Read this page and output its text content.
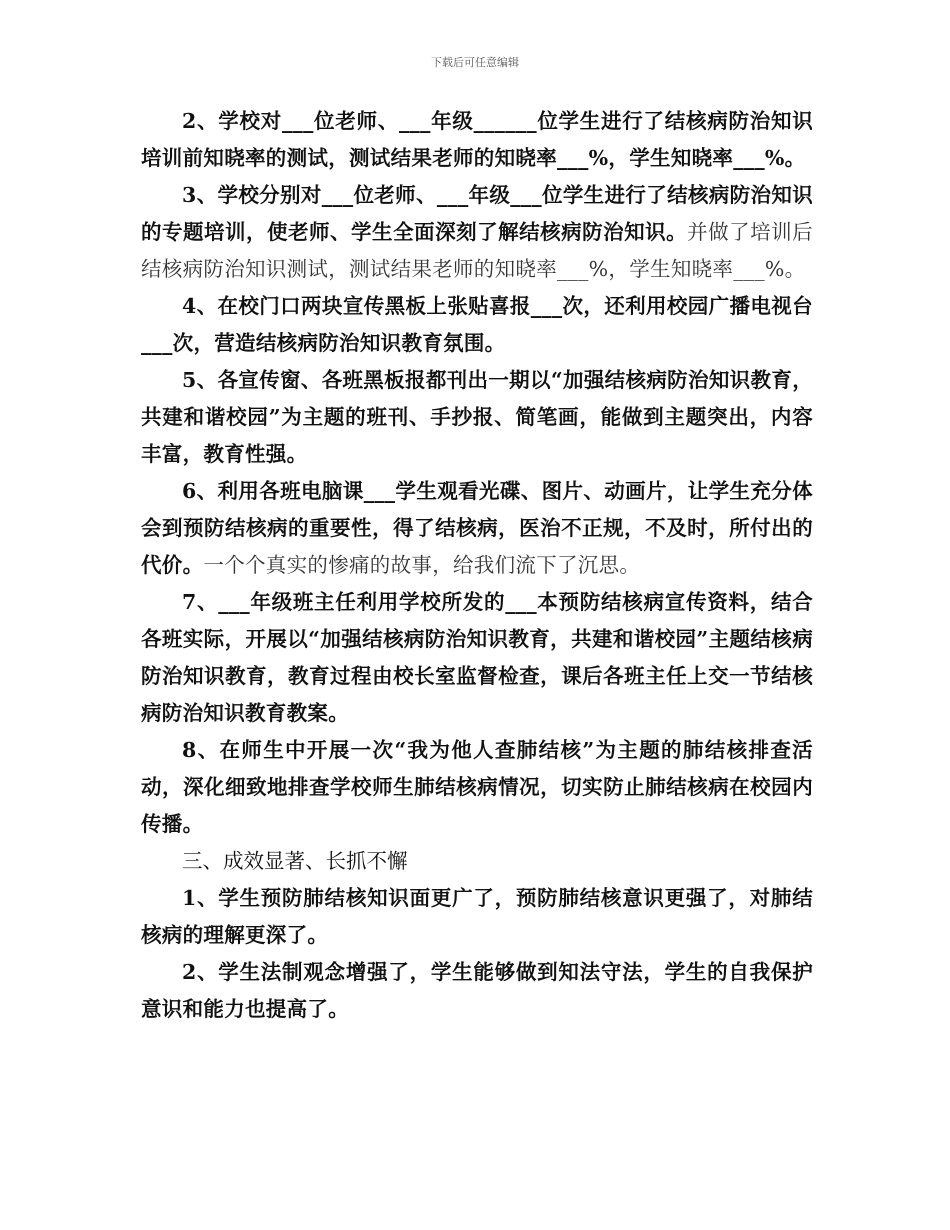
下载后可任意编辑

2、学校对___位老师、___年级______位学生进行了结核病防治知识培训前知晓率的测试，测试结果老师的知晓率___%，学生知晓率___%。

3、学校分别对___位老师、___年级___位学生进行了结核病防治知识的专题培训，使老师、学生全面深刻了解结核病防治知识。并做了培训后结核病防治知识测试，测试结果老师的知晓率___%，学生知晓率___%。

4、在校门口两块宣传黑板上张贴喜报___次，还利用校园广播电视台___次，营造结核病防治知识教育氛围。

5、各宣传窗、各班黑板报都刊出一期以“加强结核病防治知识教育，共建和谐校园”为主题的班刊、手抄报、简笔画，能做到主题突出，内容丰富，教育性强。

6、利用各班电脑课___学生观看光碟、图片、动画片，让学生充分体会到预防结核病的重要性，得了结核病，医治不正规，不及时，所付出的代价。一个个真实的惨痛的故事，给我们流下了沉思。

7、___年级班主任利用学校所发的___本预防结核病宣传资料，结合各班实际，开展以“加强结核病防治知识教育，共建和谐校园”主题结核病防治知识教育，教育过程由校长室监督检查，课后各班主任上交一节结核病防治知识教育教案。

8、在师生中开展一次“我为他人查肺结核”为主题的肺结核排查活动，深化细致地排查学校师生肺结核病情况，切实防止肺结核病在校园内传播。

三、成效显著、长抓不懈

1、学生预防肺结核知识面更广了，预防肺结核意识更强了，对肺结核病的理解更深了。

2、学生法制观念增强了，学生能够做到知法守法，学生的自我保护意识和能力也提高了。
